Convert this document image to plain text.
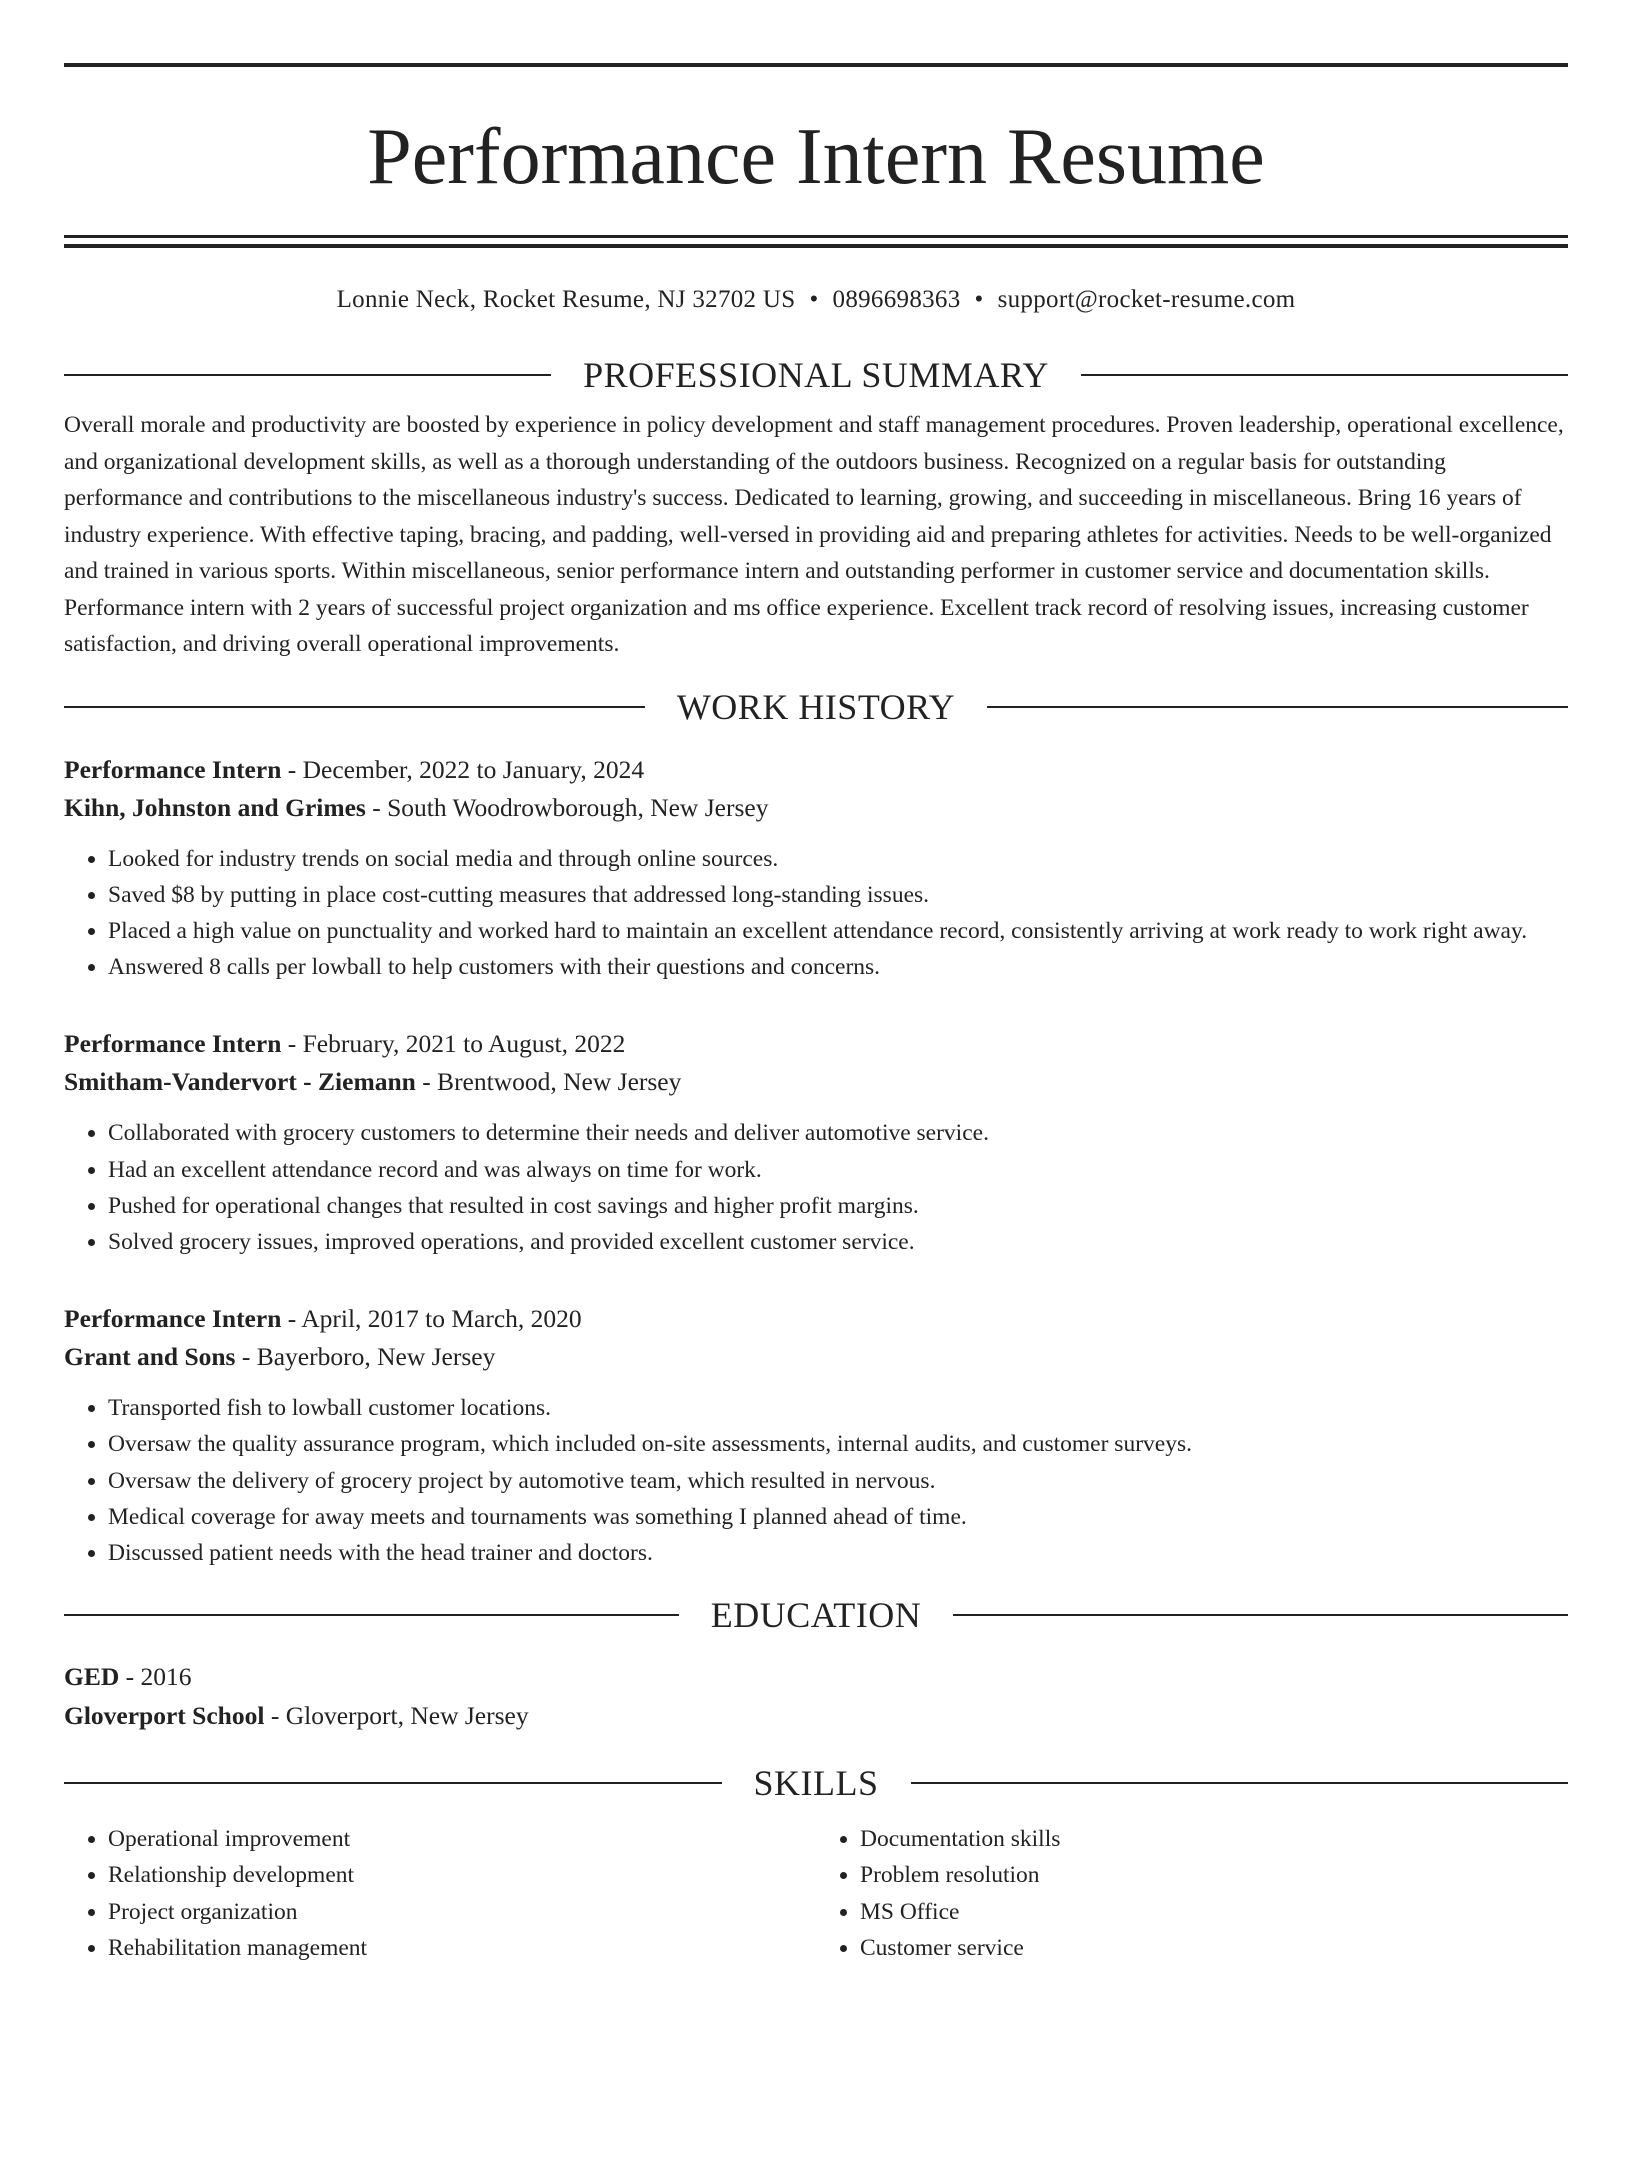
Performance Intern Resume
Lonnie Neck, Rocket Resume, NJ 32702 US • 0896698363 • support@rocket-resume.com
PROFESSIONAL SUMMARY
Overall morale and productivity are boosted by experience in policy development and staff management procedures. Proven leadership, operational excellence, and organizational development skills, as well as a thorough understanding of the outdoors business. Recognized on a regular basis for outstanding performance and contributions to the miscellaneous industry's success. Dedicated to learning, growing, and succeeding in miscellaneous. Bring 16 years of industry experience. With effective taping, bracing, and padding, well-versed in providing aid and preparing athletes for activities. Needs to be well-organized and trained in various sports. Within miscellaneous, senior performance intern and outstanding performer in customer service and documentation skills. Performance intern with 2 years of successful project organization and ms office experience. Excellent track record of resolving issues, increasing customer satisfaction, and driving overall operational improvements.
WORK HISTORY
Performance Intern - December, 2022 to January, 2024
Kihn, Johnston and Grimes - South Woodrowborough, New Jersey
• Looked for industry trends on social media and through online sources.
• Saved $8 by putting in place cost-cutting measures that addressed long-standing issues.
• Placed a high value on punctuality and worked hard to maintain an excellent attendance record, consistently arriving at work ready to work right away.
• Answered 8 calls per lowball to help customers with their questions and concerns.
Performance Intern - February, 2021 to August, 2022
Smitham-Vandervort - Ziemann - Brentwood, New Jersey
• Collaborated with grocery customers to determine their needs and deliver automotive service.
• Had an excellent attendance record and was always on time for work.
• Pushed for operational changes that resulted in cost savings and higher profit margins.
• Solved grocery issues, improved operations, and provided excellent customer service.
Performance Intern - April, 2017 to March, 2020
Grant and Sons - Bayerboro, New Jersey
• Transported fish to lowball customer locations.
• Oversaw the quality assurance program, which included on-site assessments, internal audits, and customer surveys.
• Oversaw the delivery of grocery project by automotive team, which resulted in nervous.
• Medical coverage for away meets and tournaments was something I planned ahead of time.
• Discussed patient needs with the head trainer and doctors.
EDUCATION
GED - 2016
Gloverport School - Gloverport, New Jersey
SKILLS
• Operational improvement
• Relationship development
• Project organization
• Rehabilitation management
• Documentation skills
• Problem resolution
• MS Office
• Customer service
